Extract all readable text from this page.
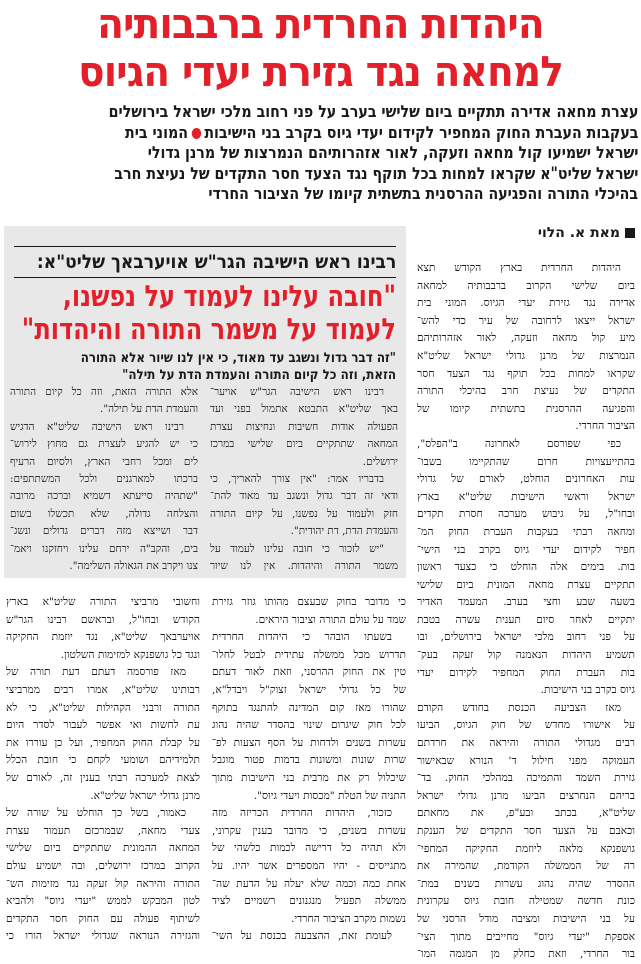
היהדות החרדית ברבבותיה
למחאה נגד גזירת יעדי הגיוס
עצרת מחאה אדירה תתקיים ביום שלישי בערב על פני רחוב מלכי ישראל בירושלים
בעקבות העברת החוק המחפיר לקידום יעדי גיוס בקרב בני הישיבותהמוני בית
ישראל ישמיעו קול מחאה וזעקה, לאור אזהרותיהם הנמרצות של מרנן גדולי
ישראל שליט"א שקראו למחות בכל תוקף נגד הצעד חסר התקדים של נעיצת חרב
בהיכלי התורה והפגיעה ההרסנית בתשתית קיומו של הציבור החרדי
מאת א. הלוי
היהדות החרדית בארץ הקודש תצא
ביום שלישי הקרוב ברבבותיה למחאה
אדירה נגד גזירת יעדי הגיוס. המוני בית
ישראל ייצאו לרחובה של עיר כדי להש־
מיע קול מחאה וזעקה, לאור אזהרותיהם
הנמרצות של מרנן גדולי ישראל שליט"א
שקראו למחות בכל תוקף נגד הצעד חסר
התקדים של נעיצת חרב בהיכלי התורה
והפגיעה ההרסנית בתשתית קיומו של
הציבור החרדי.
כפי שפורסם לאחרונה ב"הפלס",
בהתייעצויות חרום שהתקיימו בשבו־
עות האחרונים הוחלט, לאורם של גדולי
ישראל וראשי הישיבות שליט"א בארץ
ובחו"ל, על גיבוש מערכה חסרת תקדים
ומחאה רבתי בעקבות העברת החוק המ־
חפיר לקידום יעדי גיוס בקרב בני הישי־
בות. בימים אלה הוחלט כי כצעד ראשון
תתקיים עצרת מחאה המונית ביום שלישי
בשעה שבע וחצי בערב. המעמד האדיר
יתקיים לאחר סיום תענית עשרה בטבת
על פני רחוב מלכי ישראל בירושלים, ובו
תשמיע היהדות הנאמנה קול זעקה בעק־
בות העברת החוק המחפיר לקידום יעדי
גיוס בקרב בני הישיבות.
מאז הצביעה הכנסת בחודש הקודם
על אישורו מחדש של חוק הגיוס, הביעו
רבים מגדולי התורה והיראה את חרדתם
העמוקה מפני חילול ד' הנורא שבאישור
גזירת השמד והתמיכה במהלכי החוק. בד־
בריהם הנחרצים הביעו מרנן גדולי ישראל
שליט"א, בכתב ובע"פ, את מחאתם
וכאבם על הצעד חסר התקדים של הענקת
גושפנקא מלאה ליוזמת החקיקה המחפי־
רה של הממשלה הקודמת, שהמירה את
ההסדר שהיה נהוג עשרות בשנים במת־
כונת חדשה שמטילה חובת גיוס עקרונית
על בני הישיבות ומציבה מודל הרסני של
אספקת "יעדי גיוס" מחייבים מתוך הצי־
בור החרדי, וזאת כחלק מן המגמה המו־
רבינו ראש הישיבה הגר"ש אויערבאך שליט"א:
"חובה עלינו לעמוד על נפשנו,
לעמוד על משמר התורה והיהדות"
"זה דבר גדול ונשגב עד מאוד, כי אין לנו שיור אלא התורה
הזאת, וזה כל קיום התורה והעמדת הדת על תילה"
רבינו ראש הישיבה הגר"ש אויער־
באך שליט"א התבטא אתמול בפני ועד
הפעולה אודות חשיבות ונחיצות עצרת
המחאה שתתקיים ביום שלישי במרכז
ירושלים.
בדבריו אמר: "אין צורך להאריך, כי
ודאי זה דבר גדול ונשגב עד מאוד להת־
חזק ולעמוד על נפשנו, על קיום התורה
והעמדת הדת, דת יהודית".
"יש לזכור כי חובה עלינו לעמוד על
משמר התורה והיהדות. אין לנו שיור
אלא התורה הזאת, וזה כל קיום התורה
והעמדת הדת על תילה".
רבינו ראש הישיבה שליט"א הדגיש
כי יש להגיע לעצרת גם מחוץ לירוש־
לים ומכל רחבי הארץ, ולסיום הרעיף
ברכתו למארגנים ולכל המשתתפים:
"שתהיה סייעתא דשמיא וברכה מרובה
והצלחה גדולה, שלא תכשלו בשום
דבר ושייצא מזה דברים גדולים ונשג־
בים, והקב"ה ירחם עלינו ויחזקנו ויאמ־
צנו ויקרב את הגאולה השלימה".
כי מדובר בחוק שבעצם מהותו גוזר גזירת
שמד על עולם התורה וציבור היראים.
בשעתו הובהר כי היהדות החרדית
תדרוש מכל ממשלה עתידית לבטל לחלו־
טין את החוק ההרסני, וזאת לאור דעתם
של כל גדולי ישראל זצוק"ל ויבדל"א,
שהורו מאז קום המדינה להתנגד בתוקף
לכל חוק שיגרום שינוי בהסדר שהיה נהוג
עשרות בשנים ולדחות על הסף הצעות לפ־
שרות שונות ומשונות בדמות פטור מוגבל
שיכלול רק את מרבית בני הישיבות מתוך
התניה של הטלת "מכסות ויעדי גיוס".
כזכור, היהדות החרדית הכריזה מזה
עשרות בשנים, כי מדובר בענין עקרוני,
ולא תהיה כל דרישה לכמות כלשהי של
מתגייסים - יהיו המספרים אשר יהיו. על
אחת כמה וכמה שלא יעלה על הדעת שה־
ממשלה תפעיל מנגנונים רשמיים לציד
נשמות מקרב הציבור החרדי.
לעומת זאת, ההצבעה בכנסת על השי־
וחשובי מרביצי התורה שליט"א בארץ
הקודש ובחו"ל, ובראשם רבינו הגר"ש
אויערבאך שליט"א, נגד יוזמת החקיקה
ונגד כל גושפנקא למזימות השלטון.
מאז פורסמה דעתם דעת תורה של
רבותינו שליט"א, אמרו רבים ממרביצי
התורה ורבני הקהילות שליט"א, כי לא
עת לחשות ואי אפשר לעבור לסדר היום
על קבלת החוק המחפיר, ועל כן עוררו את
תלמידיהם ושומעי לקחם כי חובת הכלל
לצאת למערכה רבתי בענין זה, לאורם של
מרנן גדולי ישראל שליט"א.
כאמור, בשל כך הוחלט על שורה של
צעדי מחאה, שבמרכזם תעמוד עצרת
המחאה ההמונית שתתקיים ביום שלישי
הקרוב במרכז ירושלים, ובה ישמיע עולם
התורה והיראה קול זעקה נגד מזימות הש־
לטון המבקש לממש "יעדי גיוס" ולהביא
לשיתוף פעולה עם החוק חסר התקדים
והגזירה הנוראה שגדולי ישראל הורו כי
